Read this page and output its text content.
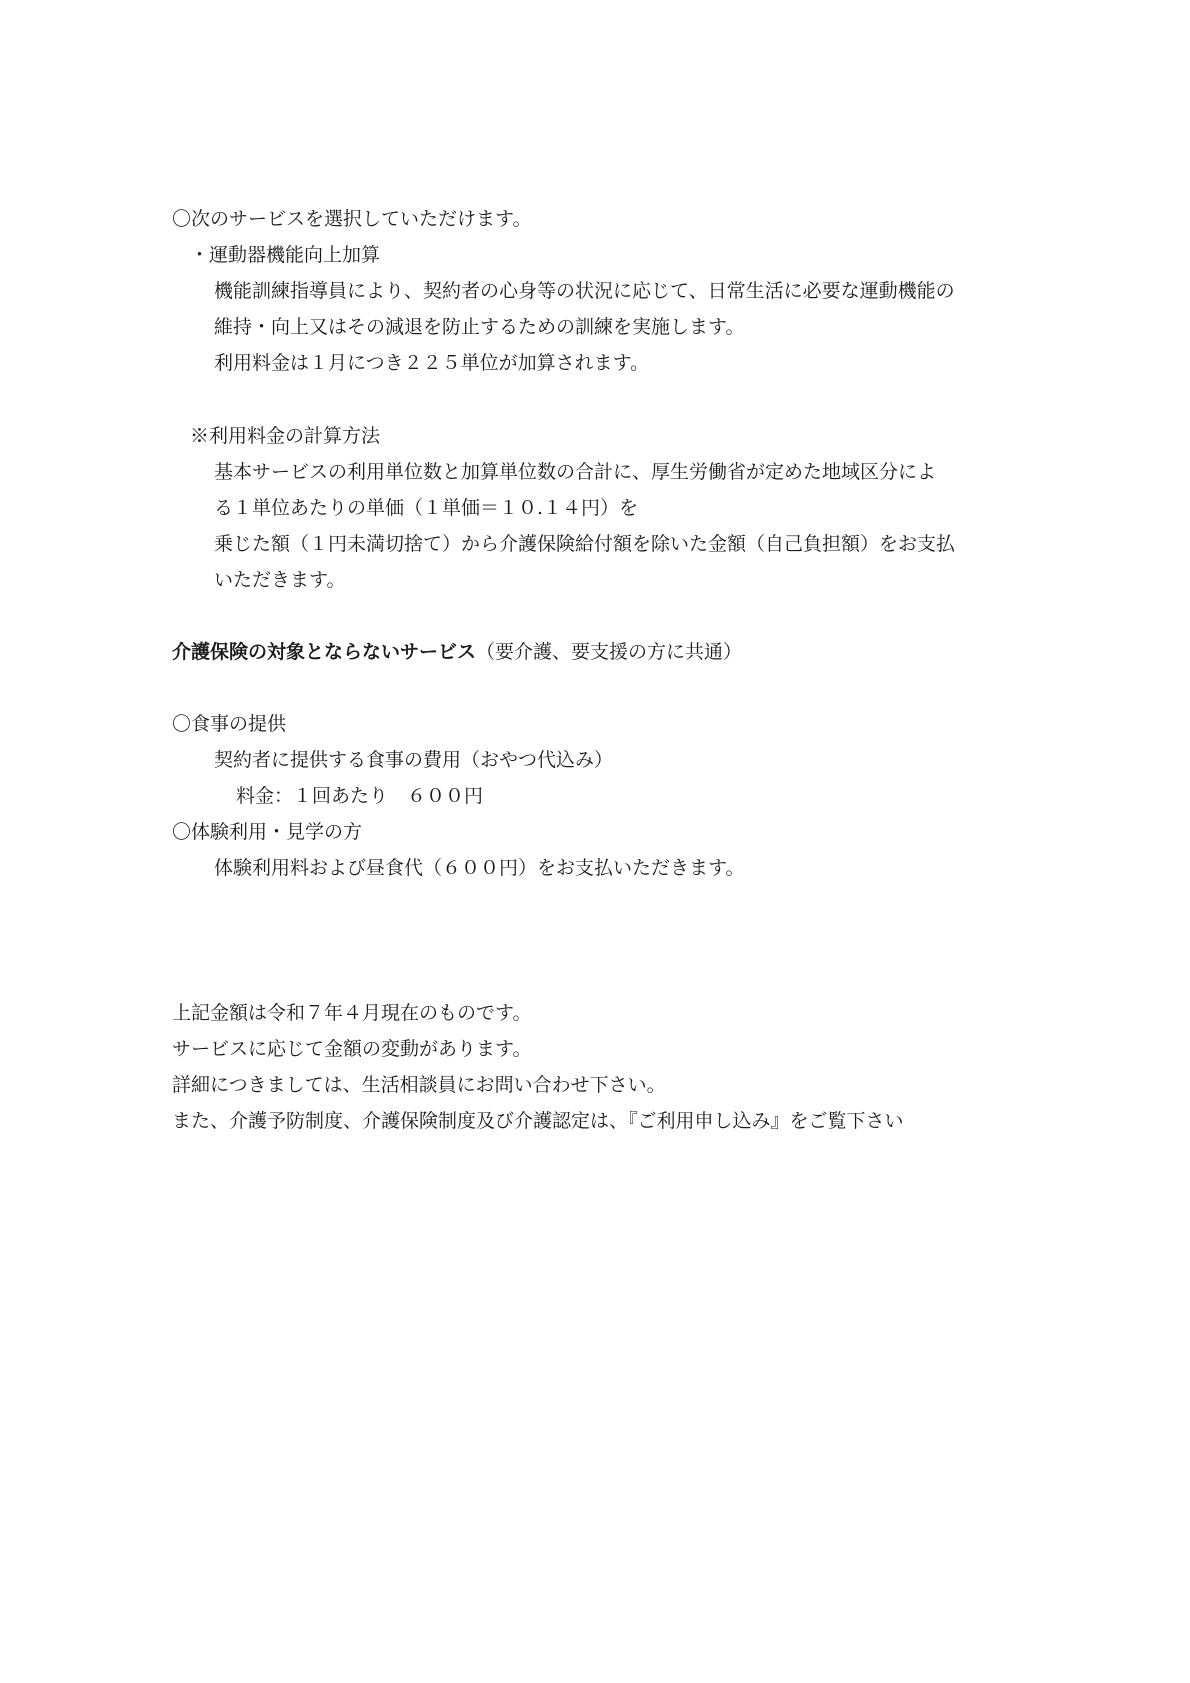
〇次のサービスを選択していただけます。
・運動器機能向上加算
機能訓練指導員により、契約者の心身等の状況に応じて、日常生活に必要な運動機能の
維持・向上又はその減退を防止するための訓練を実施します。
利用料金は１月につき２２５単位が加算されます。
※利用料金の計算方法
基本サービスの利用単位数と加算単位数の合計に、厚生労働省が定めた地域区分によ
る１単位あたりの単価（１単価＝１０.１４円）を
乗じた額（１円未満切捨て）から介護保険給付額を除いた金額（自己負担額）をお支払
いただきます。
介護保険の対象とならないサービス（要介護、要支援の方に共通）
〇食事の提供
契約者に提供する食事の費用（おやつ代込み）
料金：１回あたり　６００円
〇体験利用・見学の方
体験利用料および昼食代（６００円）をお支払いただきます。
上記金額は令和７年４月現在のものです。
サービスに応じて金額の変動があります。
詳細につきましては、生活相談員にお問い合わせ下さい。
また、介護予防制度、介護保険制度及び介護認定は、『ご利用申し込み』をご覧下さい
